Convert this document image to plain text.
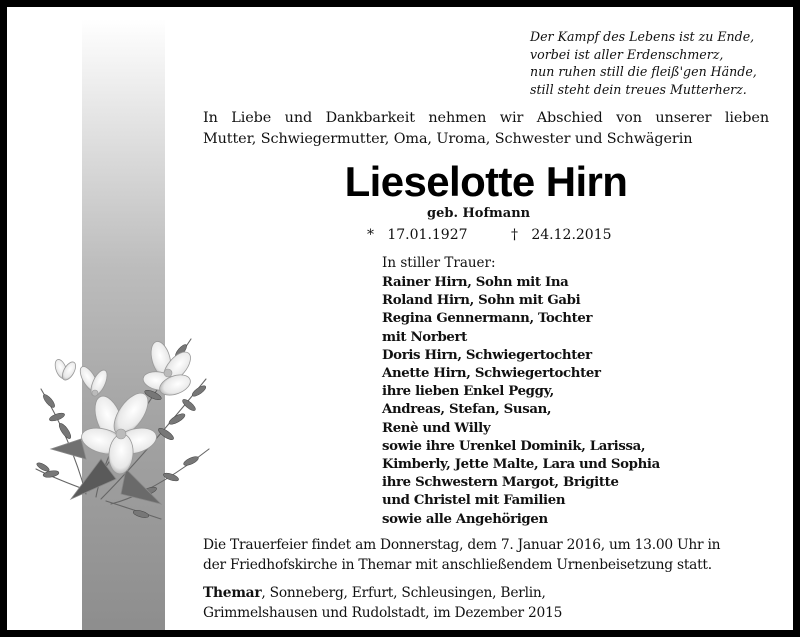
Der Kampf des Lebens ist zu Ende,
vorbei ist aller Erdenschmerz,
nun ruhen still die fleiß'gen Hände,
still steht dein treues Mutterherz.
In Liebe und Dankbarkeit nehmen wir Abschied von unserer lieben
Mutter, Schwiegermutter, Oma, Uroma, Schwester und Schwägerin
Lieselotte Hirn
geb. Hofmann
* 17.01.1927	† 24.12.2015
In stiller Trauer:
Rainer Hirn, Sohn mit Ina
Roland Hirn, Sohn mit Gabi
Regina Gennermann, Tochter
mit Norbert
Doris Hirn, Schwiegertochter
Anette Hirn, Schwiegertochter
ihre lieben Enkel Peggy,
Andreas, Stefan, Susan,
Renè und Willy
sowie ihre Urenkel Dominik, Larissa,
Kimberly, Jette Malte, Lara und Sophia
ihre Schwestern Margot, Brigitte
und Christel mit Familien
sowie alle Angehörigen
Die Trauerfeier findet am Donnerstag, dem 7. Januar 2016, um 13.00 Uhr in
der Friedhofskirche in Themar mit anschließendem Urnenbeisetzung statt.
Themar, Sonneberg, Erfurt, Schleusingen, Berlin,
Grimmelshausen und Rudolstadt, im Dezember 2015
